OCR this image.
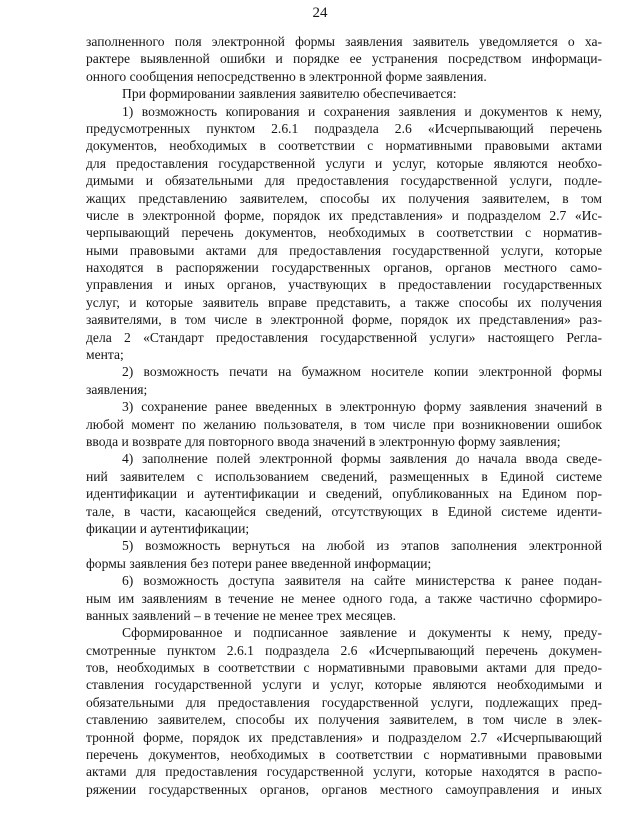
24
заполненного поля электронной формы заявления заявитель уведомляется о ха-
рактере выявленной ошибки и порядке ее устранения посредством информаци-
онного сообщения непосредственно в электронной форме заявления.
При формировании заявления заявителю обеспечивается:
1) возможность копирования и сохранения заявления и документов к нему,
предусмотренных пунктом 2.6.1 подраздела 2.6 «Исчерпывающий перечень
документов, необходимых в соответствии с нормативными правовыми актами
для предоставления государственной услуги и услуг, которые являются необхо-
димыми и обязательными для предоставления государственной услуги, подле-
жащих представлению заявителем, способы их получения заявителем, в том
числе в электронной форме, порядок их представления» и подразделом 2.7 «Ис-
черпывающий перечень документов, необходимых в соответствии с норматив-
ными правовыми актами для предоставления государственной услуги, которые
находятся в распоряжении государственных органов, органов местного само-
управления и иных органов, участвующих в предоставлении государственных
услуг, и которые заявитель вправе представить, а также способы их получения
заявителями, в том числе в электронной форме, порядок их представления» раз-
дела 2 «Стандарт предоставления государственной услуги» настоящего Регла-
мента;
2) возможность печати на бумажном носителе копии электронной формы
заявления;
3) сохранение ранее введенных в электронную форму заявления значений в
любой момент по желанию пользователя, в том числе при возникновении ошибок
ввода и возврате для повторного ввода значений в электронную форму заявления;
4) заполнение полей электронной формы заявления до начала ввода сведе-
ний заявителем с использованием сведений, размещенных в Единой системе
идентификации и аутентификации и сведений, опубликованных на Едином пор-
тале, в части, касающейся сведений, отсутствующих в Единой системе иденти-
фикации и аутентификации;
5) возможность вернуться на любой из этапов заполнения электронной
формы заявления без потери ранее введенной информации;
6) возможность доступа заявителя на сайте министерства к ранее подан-
ным им заявлениям в течение не менее одного года, а также частично сформиро-
ванных заявлений – в течение не менее трех месяцев.
Сформированное и подписанное заявление и документы к нему, преду-
смотренные пунктом 2.6.1 подраздела 2.6 «Исчерпывающий перечень докумен-
тов, необходимых в соответствии с нормативными правовыми актами для предо-
ставления государственной услуги и услуг, которые являются необходимыми и
обязательными для предоставления государственной услуги, подлежащих пред-
ставлению заявителем, способы их получения заявителем, в том числе в элек-
тронной форме, порядок их представления» и подразделом 2.7 «Исчерпывающий
перечень документов, необходимых в соответствии с нормативными правовыми
актами для предоставления государственной услуги, которые находятся в распо-
ряжении государственных органов, органов местного самоуправления и иных
